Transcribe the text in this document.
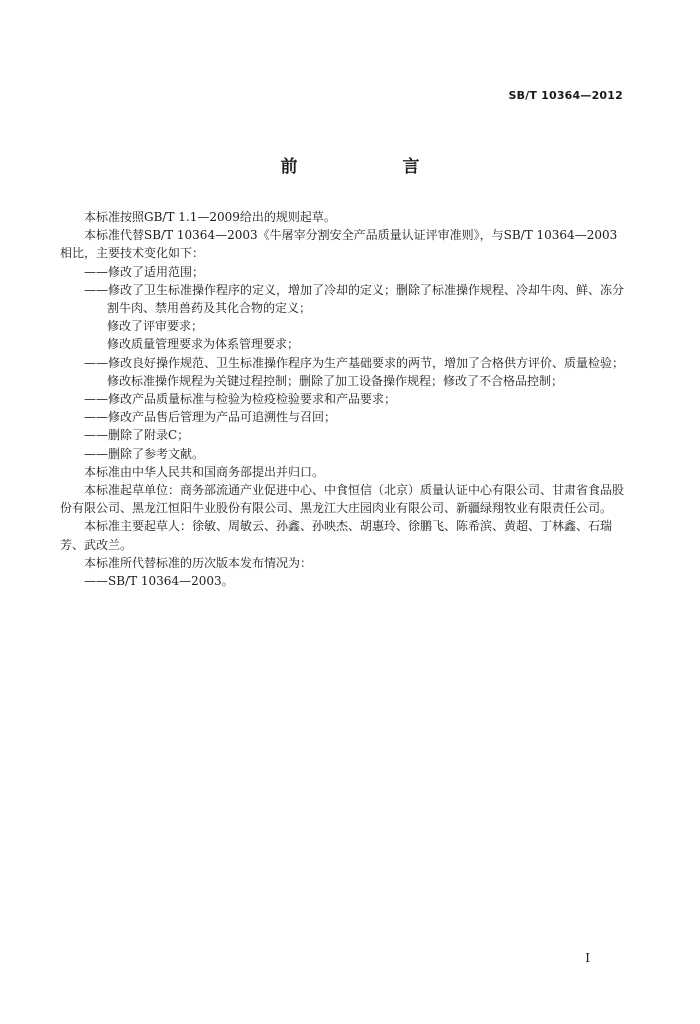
SB/T 10364—2012
前　言

本标准按照GB/T 1.1—2009给出的规则起草。

本标准代替SB/T 10364—2003《牛屠宰分割安全产品质量认证评审准则》，与SB/T 10364—2003相比，主要技术变化如下：

——修改了适用范围；

——修改了卫生标准操作程序的定义，增加了冷却的定义；删除了标准操作规程、冷却牛肉、鲜、冻分割牛肉、禁用兽药及其化合物的定义；

修改了评审要求；

修改质量管理要求为体系管理要求；

——修改良好操作规范、卫生标准操作程序为生产基础要求的两节，增加了合格供方评价、质量检验；

修改标准操作规程为关键过程控制；删除了加工设备操作规程；修改了不合格品控制；

——修改产品质量标准与检验为检疫检验要求和产品要求；

——修改产品售后管理为产品可追溯性与召回；

——删除了附录C；

——删除了参考文献。

本标准由中华人民共和国商务部提出并归口。

本标准起草单位：商务部流通产业促进中心、中食恒信（北京）质量认证中心有限公司、甘肃省食品股份有限公司、黑龙江恒阳牛业股份有限公司、黑龙江大庄园肉业有限公司、新疆绿翔牧业有限责任公司。

本标准主要起草人：徐敏、周敏云、孙鑫、孙映杰、胡惠玲、徐鹏飞、陈希滨、黄超、丁林鑫、石瑞芳、武改兰。

本标准所代替标准的历次版本发布情况为：

——SB/T 10364—2003。

I
